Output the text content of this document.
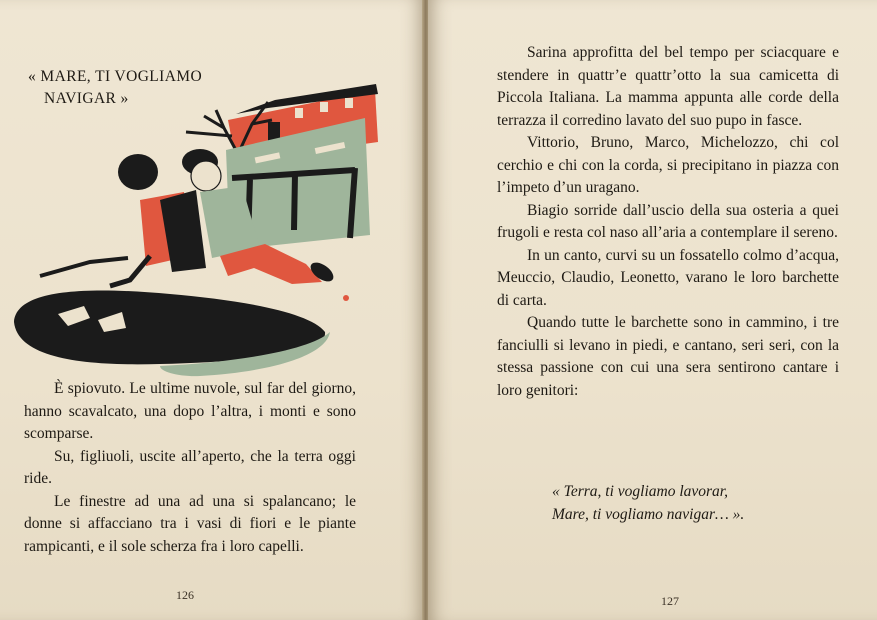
« MARE, TI VOGLIAMO
NAVIGAR »

È spiovuto. Le ultime nuvole, sul far del giorno, hanno scavalcato, una dopo l’altra, i monti e sono scomparse.

Su, figliuoli, uscite all’aperto, che la terra oggi ride.

Le finestre ad una ad una si spalancano; le donne si affacciano tra i vasi di fiori e le piante rampicanti, e il sole scherza fra i loro capelli.

126

Sarina approfitta del bel tempo per sciacquare e stendere in quattr’e quattr’otto la sua camicetta di Piccola Italiana. La mamma appunta alle corde della terrazza il corredino lavato del suo pupo in fasce.

Vittorio, Bruno, Marco, Michelozzo, chi col cerchio e chi con la corda, si precipitano in piazza con l’impeto d’un uragano.

Biagio sorride dall’uscio della sua osteria a quei frugoli e resta col naso all’aria a contemplare il sereno.

In un canto, curvi su un fossatello colmo d’acqua, Meuccio, Claudio, Leonetto, varano le loro barchette di carta.

Quando tutte le barchette sono in cammino, i tre fanciulli si levano in piedi, e cantano, seri seri, con la stessa passione con cui una sera sentirono cantare i loro genitori:

« Terra, ti vogliamo lavorar,
Mare, ti vogliamo navigar… ».
127
